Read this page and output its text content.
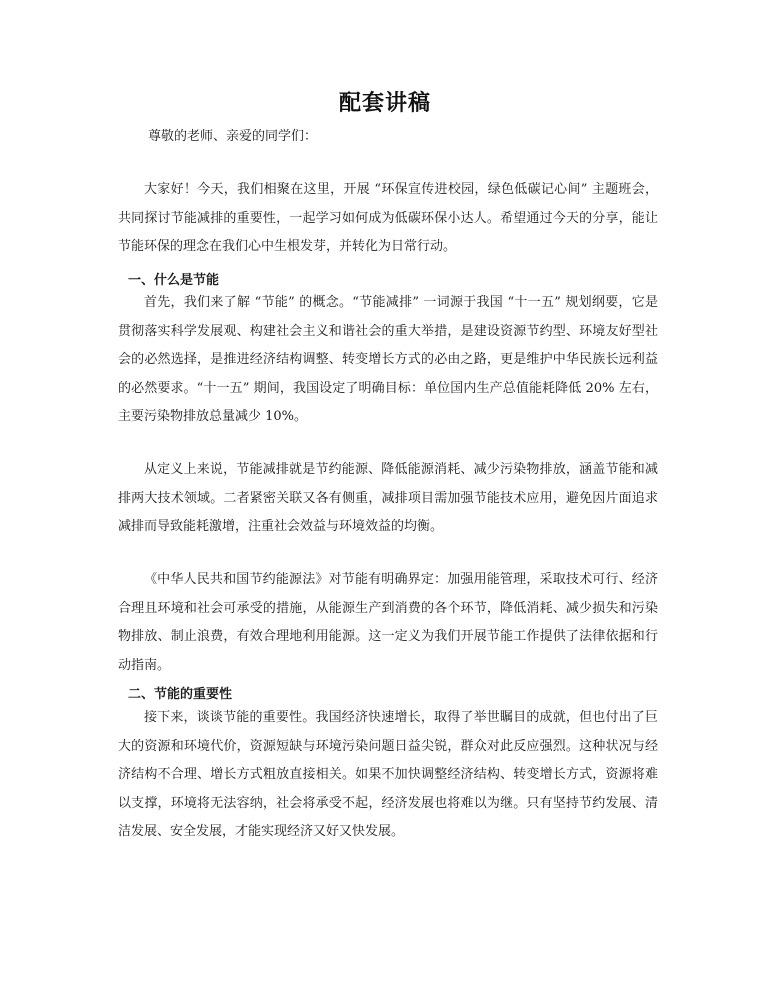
配套讲稿
尊敬的老师、亲爱的同学们：

大家好！今天，我们相聚在这里，开展 “环保宣传进校园，绿色低碳记心间” 主题班会，共同探讨节能减排的重要性，一起学习如何成为低碳环保小达人。希望通过今天的分享，能让节能环保的理念在我们心中生根发芽，并转化为日常行动。

一、什么是节能

首先，我们来了解 “节能” 的概念。“节能减排” 一词源于我国 “十一五” 规划纲要，它是贯彻落实科学发展观、构建社会主义和谐社会的重大举措，是建设资源节约型、环境友好型社会的必然选择，是推进经济结构调整、转变增长方式的必由之路，更是维护中华民族长远利益的必然要求。“十一五” 期间，我国设定了明确目标：单位国内生产总值能耗降低 20% 左右，主要污染物排放总量减少 10%。

从定义上来说，节能减排就是节约能源、降低能源消耗、减少污染物排放，涵盖节能和减排两大技术领域。二者紧密关联又各有侧重，减排项目需加强节能技术应用，避免因片面追求减排而导致能耗激增，注重社会效益与环境效益的均衡。

《中华人民共和国节约能源法》对节能有明确界定：加强用能管理，采取技术可行、经济合理且环境和社会可承受的措施，从能源生产到消费的各个环节，降低消耗、减少损失和污染物排放、制止浪费，有效合理地利用能源。这一定义为我们开展节能工作提供了法律依据和行动指南。

二、节能的重要性

接下来，谈谈节能的重要性。我国经济快速增长，取得了举世瞩目的成就，但也付出了巨大的资源和环境代价，资源短缺与环境污染问题日益尖锐，群众对此反应强烈。这种状况与经济结构不合理、增长方式粗放直接相关。如果不加快调整经济结构、转变增长方式，资源将难以支撑，环境将无法容纳，社会将承受不起，经济发展也将难以为继。只有坚持节约发展、清洁发展、安全发展，才能实现经济又好又快发展。
